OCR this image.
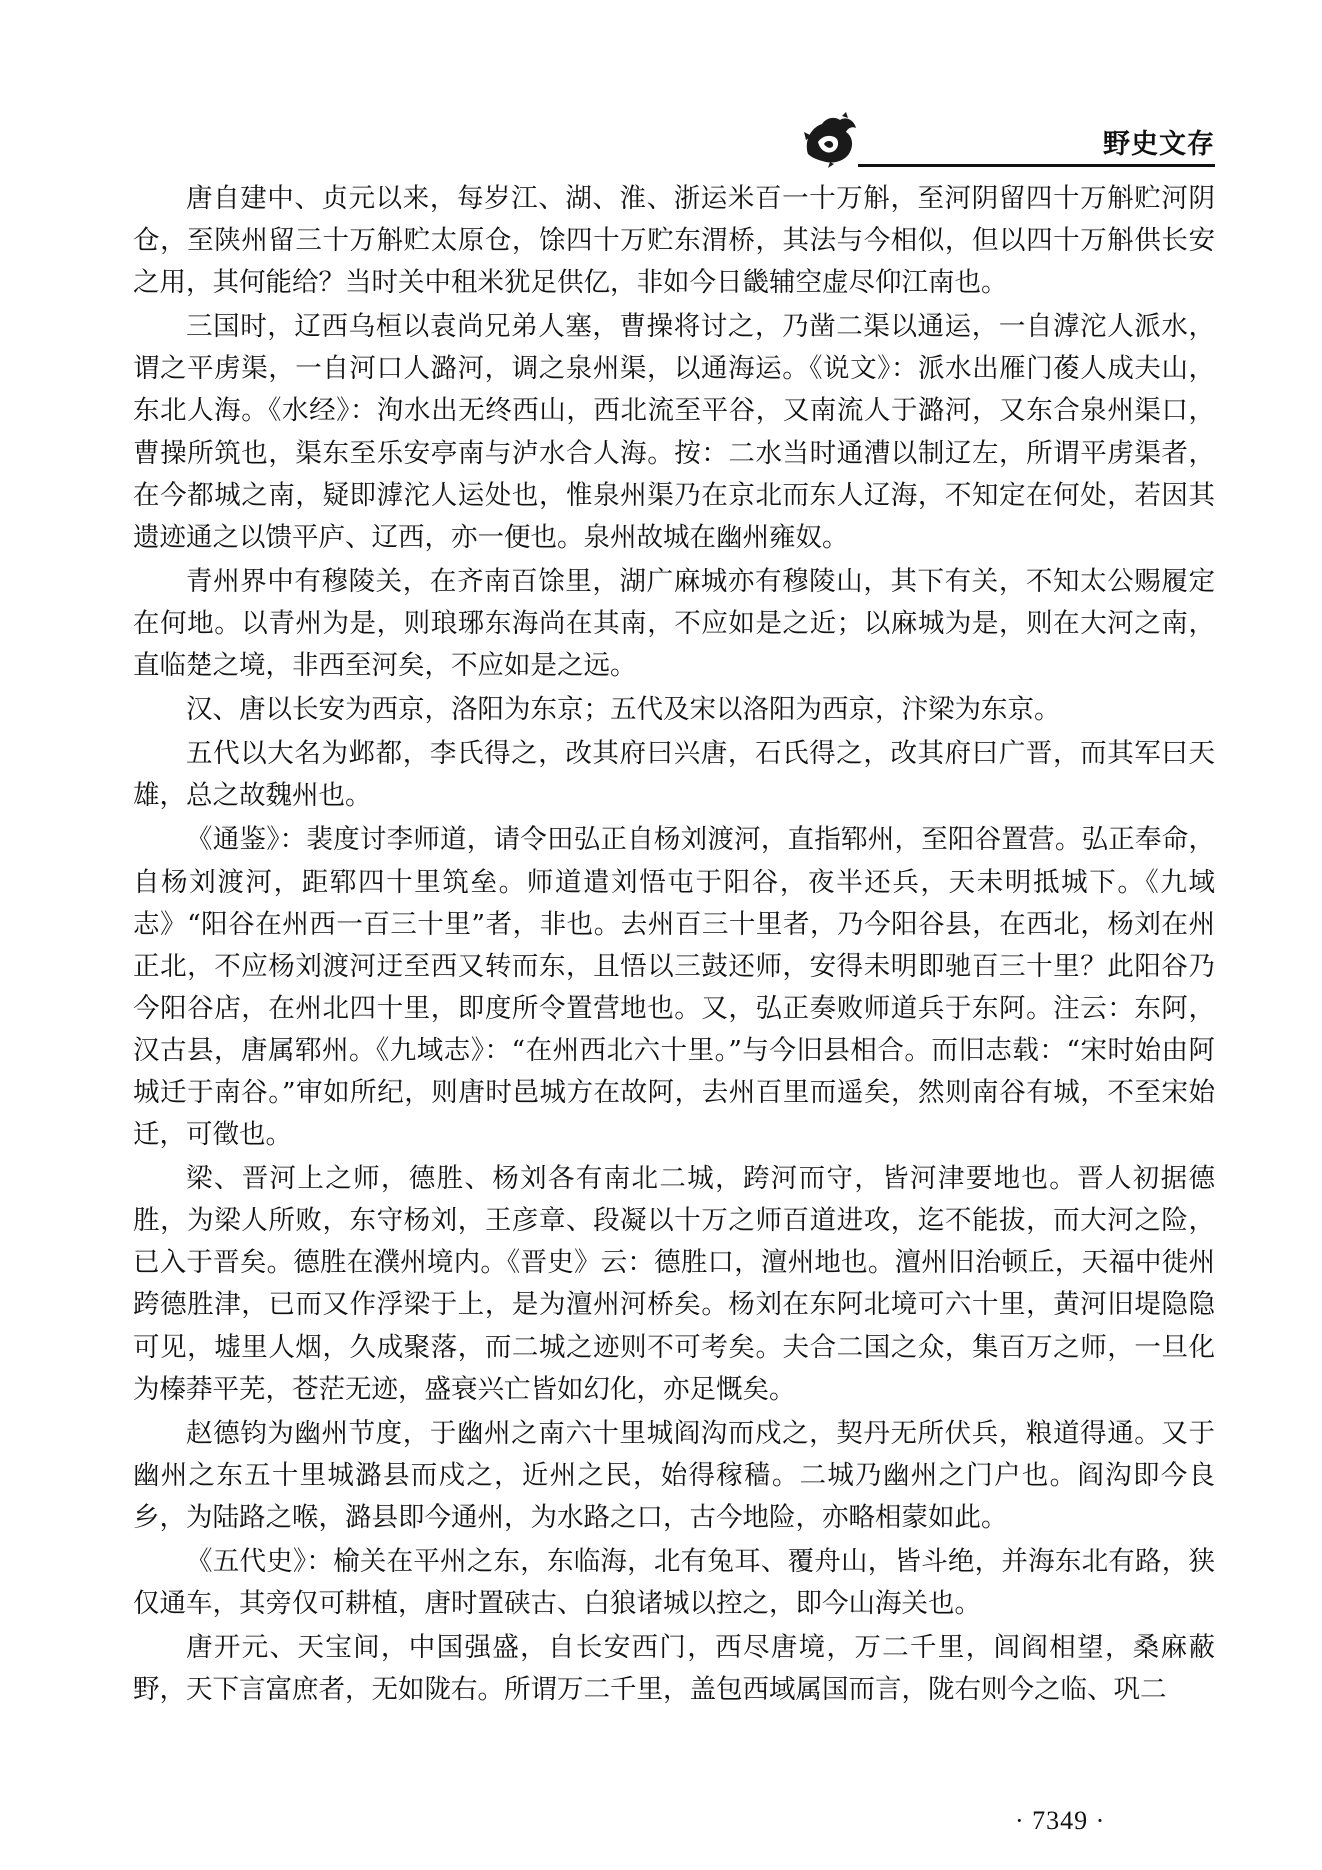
野史文存

唐自建中、贞元以来，每岁江、湖、淮、浙运米百一十万斛，至河阴留四十万斛贮河阴仓，至陕州留三十万斛贮太原仓，馀四十万贮东渭桥，其法与今相似，但以四十万斛供长安之用，其何能给？当时关中租米犹足供亿，非如今日畿辅空虚尽仰江南也。

三国时，辽西乌桓以袁尚兄弟人塞，曹操将讨之，乃凿二渠以通运，一自滹沱人派水，谓之平虏渠，一自河口人潞河，调之泉州渠，以通海运。《说文》：派水出雁门葰人成夫山，东北人海。《水经》：泃水出无终西山，西北流至平谷，又南流人于潞河，又东合泉州渠口，曹操所筑也，渠东至乐安亭南与泸水合人海。按：二水当时通漕以制辽左，所谓平虏渠者，在今都城之南，疑即滹沱人运处也，惟泉州渠乃在京北而东人辽海，不知定在何处，若因其遗迹通之以馈平庐、辽西，亦一便也。泉州故城在幽州雍奴。

青州界中有穆陵关，在齐南百馀里，湖广麻城亦有穆陵山，其下有关，不知太公赐履定在何地。以青州为是，则琅琊东海尚在其南，不应如是之近；以麻城为是，则在大河之南，直临楚之境，非西至河矣，不应如是之远。

汉、唐以长安为西京，洛阳为东京；五代及宋以洛阳为西京，汴梁为东京。

五代以大名为邺都，李氏得之，改其府曰兴唐，石氏得之，改其府曰广晋，而其军曰天雄，总之故魏州也。

《通鉴》：裴度讨李师道，请令田弘正自杨刘渡河，直指郓州，至阳谷置营。弘正奉命，自杨刘渡河，距郓四十里筑垒。师道遣刘悟屯于阳谷，夜半还兵，天未明抵城下。《九域志》“阳谷在州西一百三十里”者，非也。去州百三十里者，乃今阳谷县，在西北，杨刘在州正北，不应杨刘渡河迂至西又转而东，且悟以三鼓还师，安得未明即驰百三十里？此阳谷乃今阳谷店，在州北四十里，即度所令置营地也。又，弘正奏败师道兵于东阿。注云：东阿，汉古县，唐属郓州。《九域志》：“在州西北六十里。”与今旧县相合。而旧志载：“宋时始由阿城迁于南谷。”审如所纪，则唐时邑城方在故阿，去州百里而遥矣，然则南谷有城，不至宋始迁，可徵也。

梁、晋河上之师，德胜、杨刘各有南北二城，跨河而守，皆河津要地也。晋人初据德胜，为梁人所败，东守杨刘，王彦章、段凝以十万之师百道进攻，迄不能拔，而大河之险，已入于晋矣。德胜在濮州境内。《晋史》云：德胜口，澶州地也。澶州旧治顿丘，天福中徙州跨德胜津，已而又作浮梁于上，是为澶州河桥矣。杨刘在东阿北境可六十里，黄河旧堤隐隐可见，墟里人烟，久成聚落，而二城之迹则不可考矣。夫合二国之众，集百万之师，一旦化为榛莽平芜，苍茫无迹，盛衰兴亡皆如幻化，亦足慨矣。

赵德钧为幽州节度，于幽州之南六十里城阎沟而戍之，契丹无所伏兵，粮道得通。又于幽州之东五十里城潞县而戍之，近州之民，始得稼穑。二城乃幽州之门户也。阎沟即今良乡，为陆路之喉，潞县即今通州，为水路之口，古今地险，亦略相蒙如此。

《五代史》：榆关在平州之东，东临海，北有兔耳、覆舟山，皆斗绝，并海东北有路，狭仅通车，其旁仅可耕植，唐时置硖古、白狼诸城以控之，即今山海关也。

唐开元、天宝间，中国强盛，自长安西门，西尽唐境，万二千里，闾阎相望，桑麻蔽野，天下言富庶者，无如陇右。所谓万二千里，盖包西域属国而言，陇右则今之临、巩二

· 7349 ·
